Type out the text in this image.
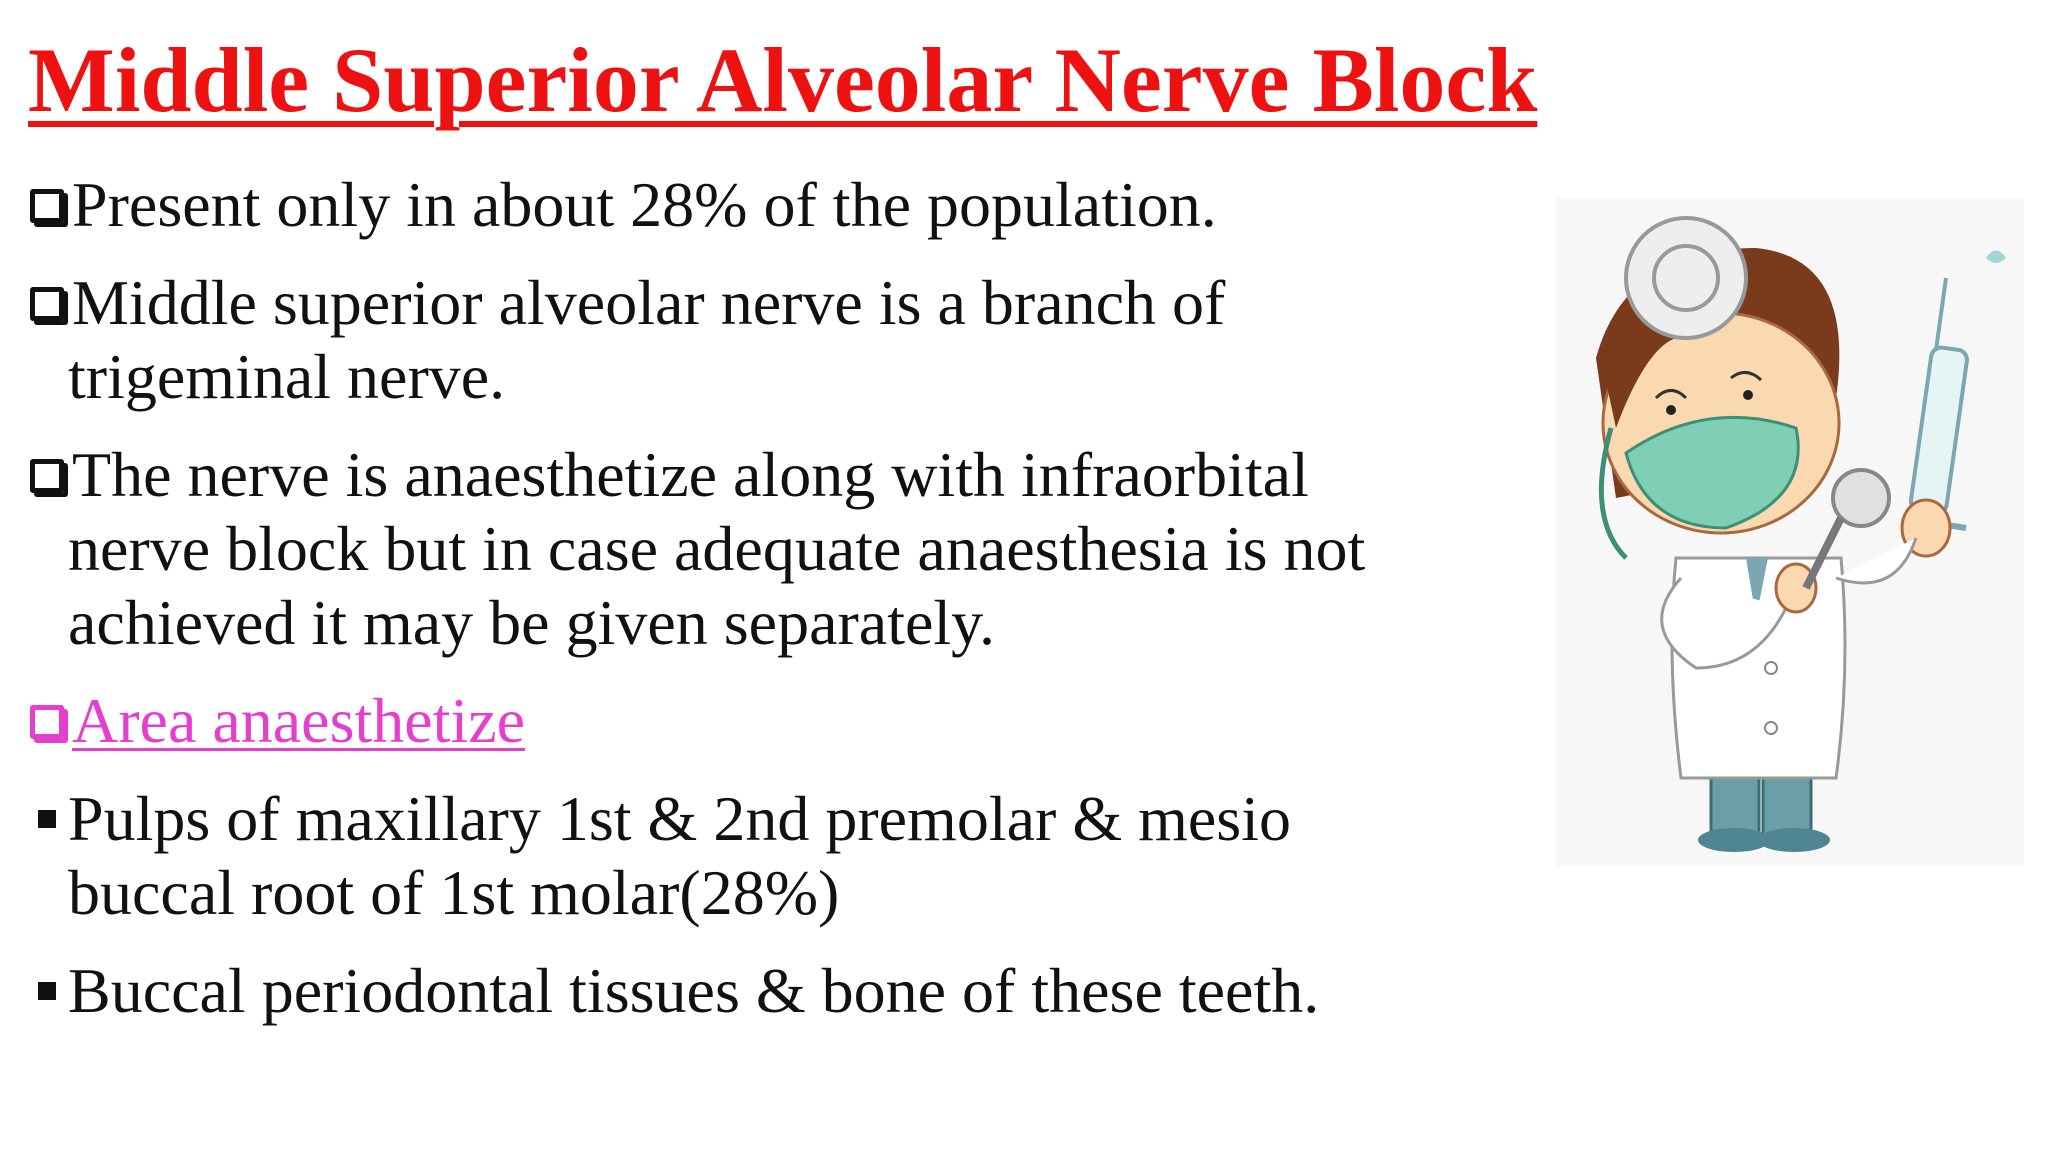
Middle Superior Alveolar Nerve Block
Present only in about 28% of the population.
Middle superior alveolar nerve is a branch of
trigeminal nerve.
The nerve is anaesthetize along with infraorbital
nerve block but in case adequate anaesthesia is not
achieved it may be given separately.
Area anaesthetize
Pulps of maxillary 1st & 2nd premolar & mesio
buccal root of 1st molar(28%)
Buccal periodontal tissues & bone of these teeth.
